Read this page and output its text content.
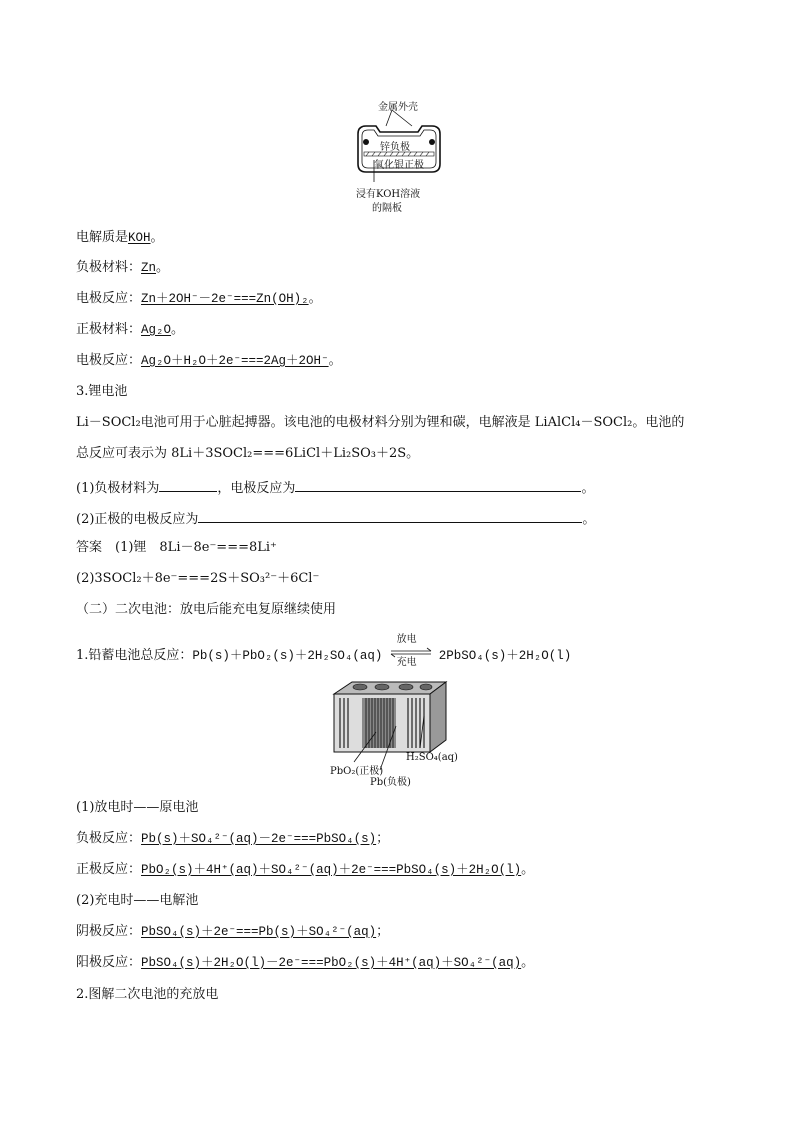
金属外壳
锌负极
氧化银正极
浸有KOH溶液
的隔板
电解质是KOH。
负极材料：Zn。
电极反应：Zn＋2OH⁻－2e⁻===Zn(OH)₂。
正极材料：Ag₂O。
电极反应：Ag₂O＋H₂O＋2e⁻===2Ag＋2OH⁻。
3.锂电池
Li－SOCl₂电池可用于心脏起搏器。该电池的电极材料分别为锂和碳，电解液是 LiAlCl₄－SOCl₂。电池的
总反应可表示为 8Li＋3SOCl₂===6LiCl＋Li₂SO₃＋2S。
(1)负极材料为	，电极反应为	。
(2)正极的电极反应为	。
答案　(1)锂　8Li－8e⁻===8Li⁺
(2)3SOCl₂＋8e⁻===2S＋SO₃²⁻＋6Cl⁻
（二）二次电池：放电后能充电复原继续使用
1.铅蓄电池总反应：Pb(s)＋PbO₂(s)＋2H₂SO₄(aq)
放电
充电 2PbSO₄(s)＋2H₂O(l)
PbO₂(正极)
Pb(负极)
H₂SO₄(aq)
(1)放电时——原电池
负极反应：Pb(s)＋SO₄²⁻(aq)－2e⁻===PbSO₄(s)；
正极反应：PbO₂(s)＋4H⁺(aq)＋SO₄²⁻(aq)＋2e⁻===PbSO₄(s)＋2H₂O(l)。
(2)充电时——电解池
阴极反应：PbSO₄(s)＋2e⁻===Pb(s)＋SO₄²⁻(aq)；
阳极反应：PbSO₄(s)＋2H₂O(l)－2e⁻===PbO₂(s)＋4H⁺(aq)＋SO₄²⁻(aq)。
2.图解二次电池的充放电
